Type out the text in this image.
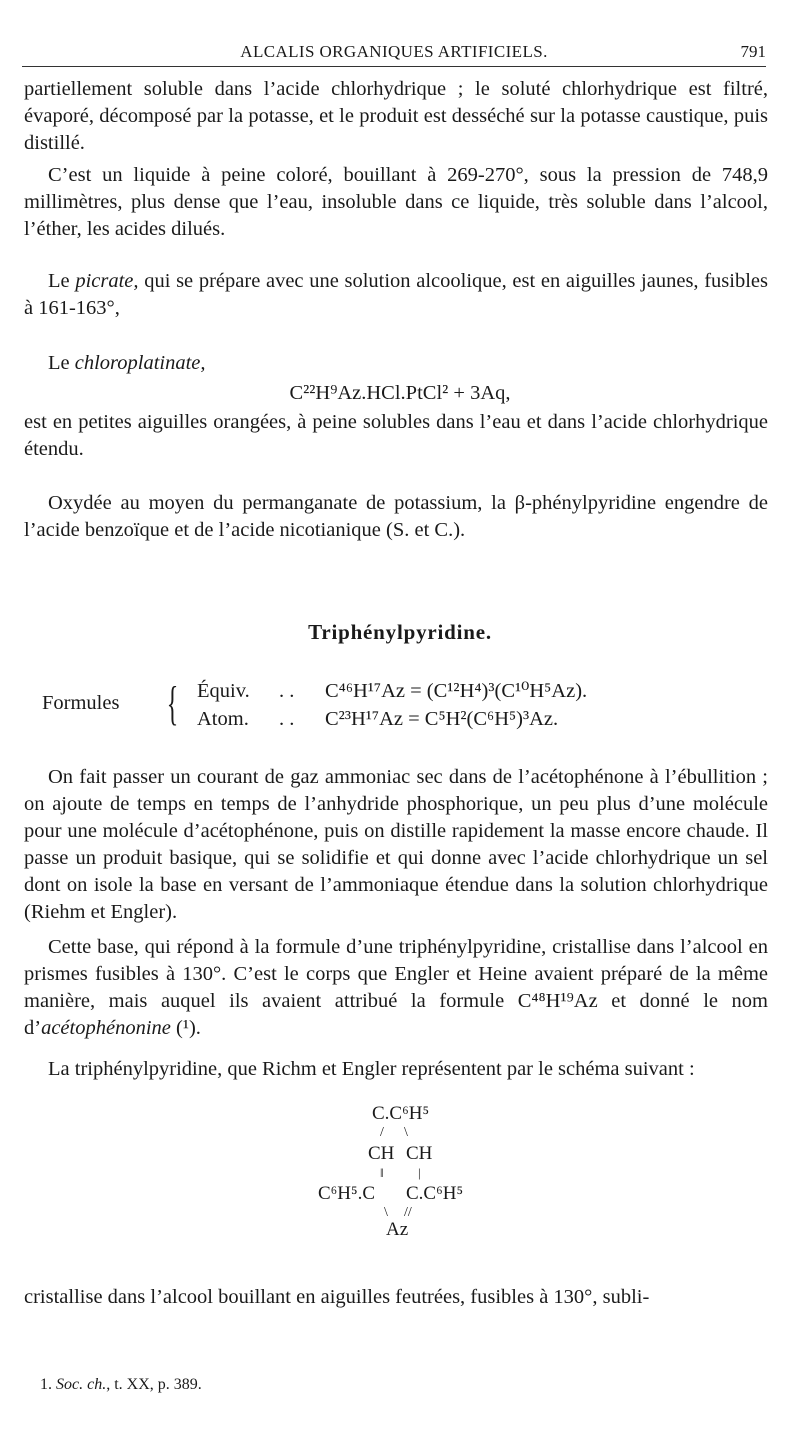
ALCALIS ORGANIQUES ARTIFICIELS.	791
partiellement soluble dans l’acide chlorhydrique ; le soluté chlorhydrique est filtré, évaporé, décomposé par la potasse, et le produit est desséché sur la potasse caustique, puis distillé.
C’est un liquide à peine coloré, bouillant à 269-270°, sous la pression de 748,9 millimètres, plus dense que l’eau, insoluble dans ce liquide, très soluble dans l’alcool, l’éther, les acides dilués.
Le picrate, qui se prépare avec une solution alcoolique, est en aiguilles jaunes, fusibles à 161-163°,
Le chloroplatinate,
C²²H⁹Az.HCl.PtCl² + 3Aq,
est en petites aiguilles orangées, à peine solubles dans l’eau et dans l’acide chlorhydrique étendu.
Oxydée au moyen du permanganate de potassium, la β-phénylpyridine engendre de l’acide benzoïque et de l’acide nicotianique (S. et C.).
Triphénylpyridine.
Formules { Équiv. . . C⁴⁶H¹⁷Az = (C¹²H⁴)³(C¹⁰H⁵Az).
Atom. . . C²³H¹⁷Az = C⁵H²(C⁶H⁵)³Az.
On fait passer un courant de gaz ammoniac sec dans de l’acétophénone à l’ébullition ; on ajoute de temps en temps de l’anhydride phosphorique, un peu plus d’une molécule pour une molécule d’acétophénone, puis on distille rapidement la masse encore chaude. Il passe un produit basique, qui se solidifie et qui donne avec l’acide chlorhydrique un sel dont on isole la base en versant de l’ammoniaque étendue dans la solution chlorhydrique (Riehm et Engler).
Cette base, qui répond à la formule d’une triphénylpyridine, cristallise dans l’alcool en prismes fusibles à 130°. C’est le corps que Engler et Heine avaient préparé de la même manière, mais auquel ils avaient attribué la formule C⁴⁸H¹⁹Az et donné le nom d’acétophénonine (¹).
La triphénylpyridine, que Richm et Engler représentent par le schéma suivant :
C.C⁶H⁵
/ \
CH CH
‖	|
C⁶H⁵.C C.C⁶H⁵
\ //
Az
cristallise dans l’alcool bouillant en aiguilles feutrées, fusibles à 130°, subli-
1. Soc. ch., t. XX, p. 389.
